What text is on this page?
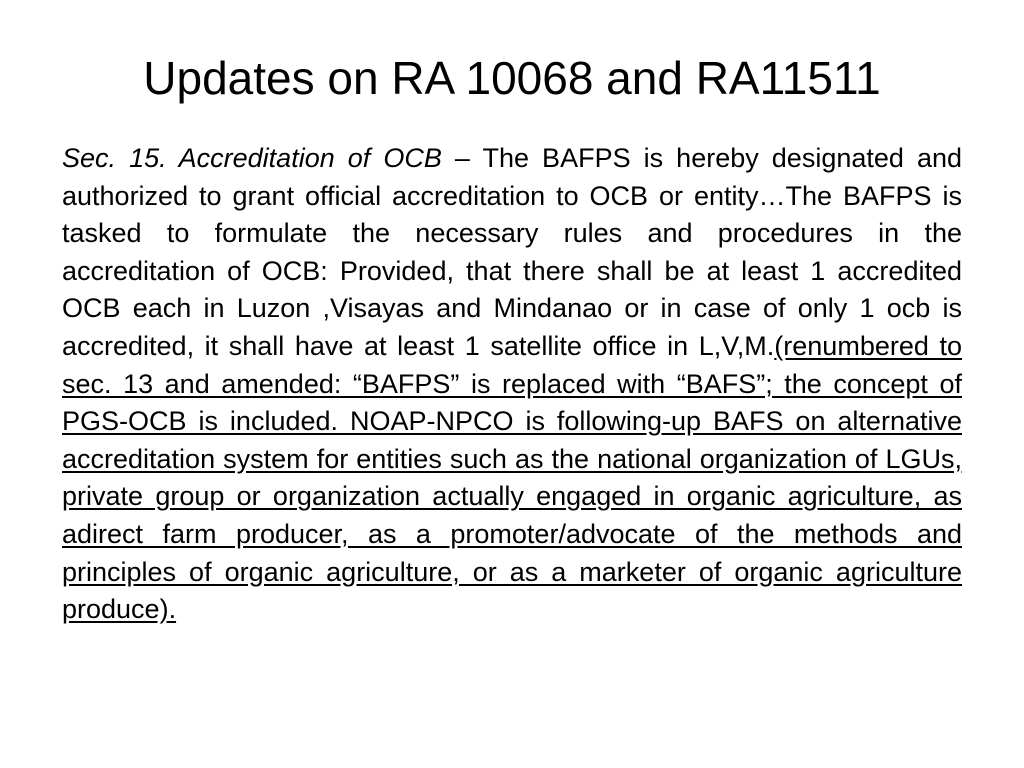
Updates on RA 10068 and RA11511

Sec. 15. Accreditation of OCB – The BAFPS is hereby designated and authorized to grant official accreditation to OCB or entity…The BAFPS is tasked to formulate the necessary rules and procedures in the accreditation of OCB: Provided, that there shall be at least 1 accredited OCB each in Luzon ,Visayas and Mindanao or in case of only 1 ocb is accredited, it shall have at least 1 satellite office in L,V,M.(renumbered to sec. 13 and amended: “BAFPS” is replaced with “BAFS”; the concept of PGS-OCB is included. NOAP-NPCO is following-up BAFS on alternative accreditation system for entities such as the national organization of LGUs, private group or organization actually engaged in organic agriculture, as adirect farm producer, as a promoter/advocate of the methods and principles of organic agriculture, or as a marketer of organic agriculture produce).
